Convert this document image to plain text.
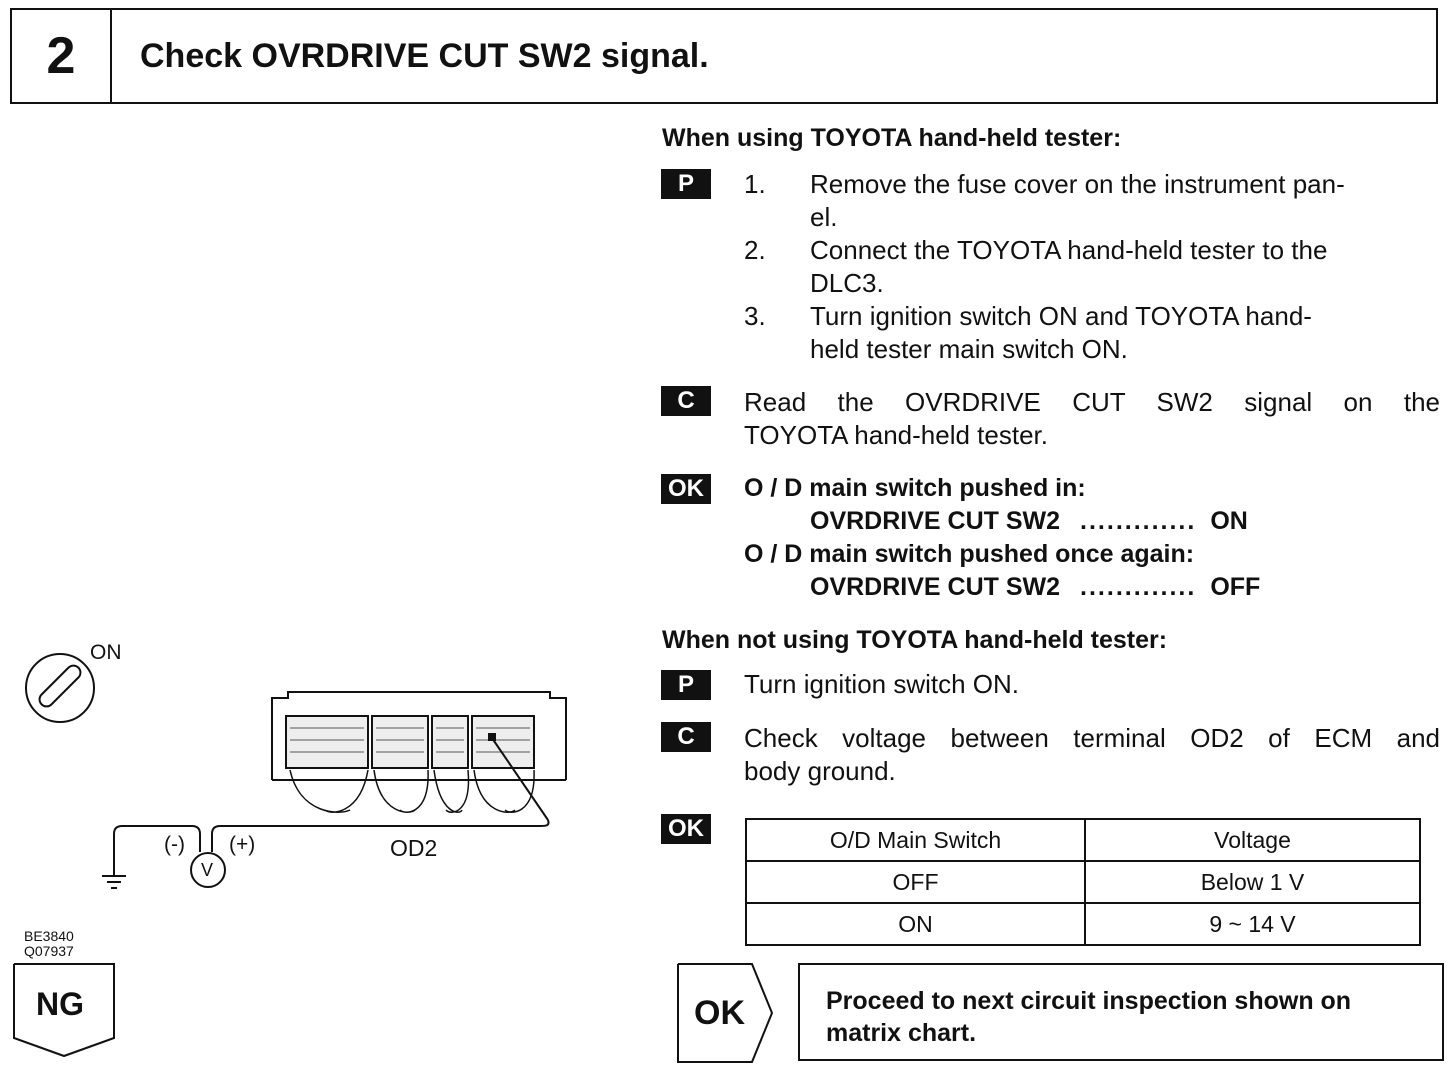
2	Check OVRDRIVE CUT SW2 signal.
When using TOYOTA hand-held tester:
P	1.	Remove the fuse cover on the instrument pan-
el.
2.	Connect the TOYOTA hand-held tester to the
DLC3.
3.	Turn ignition switch ON and TOYOTA hand-
held tester main switch ON.
C	Read the OVRDRIVE CUT SW2 signal on the
TOYOTA hand-held tester.
OK O / D main switch pushed in:
OVRDRIVE CUT SW2 ............. ON
O / D main switch pushed once again:
OVRDRIVE CUT SW2 ............. OFF
When not using TOYOTA hand-held tester:
P	Turn ignition switch ON.
C	Check voltage between terminal OD2 of ECM and
body ground.
OK	O/D Main Switch	Voltage
OFF	Below 1 V
ON	9 ~ 14 V
OK	Proceed to next circuit inspection shown on
matrix chart.
NG
ON
(-) (+)
V
OD2
BE3840
Q07937
